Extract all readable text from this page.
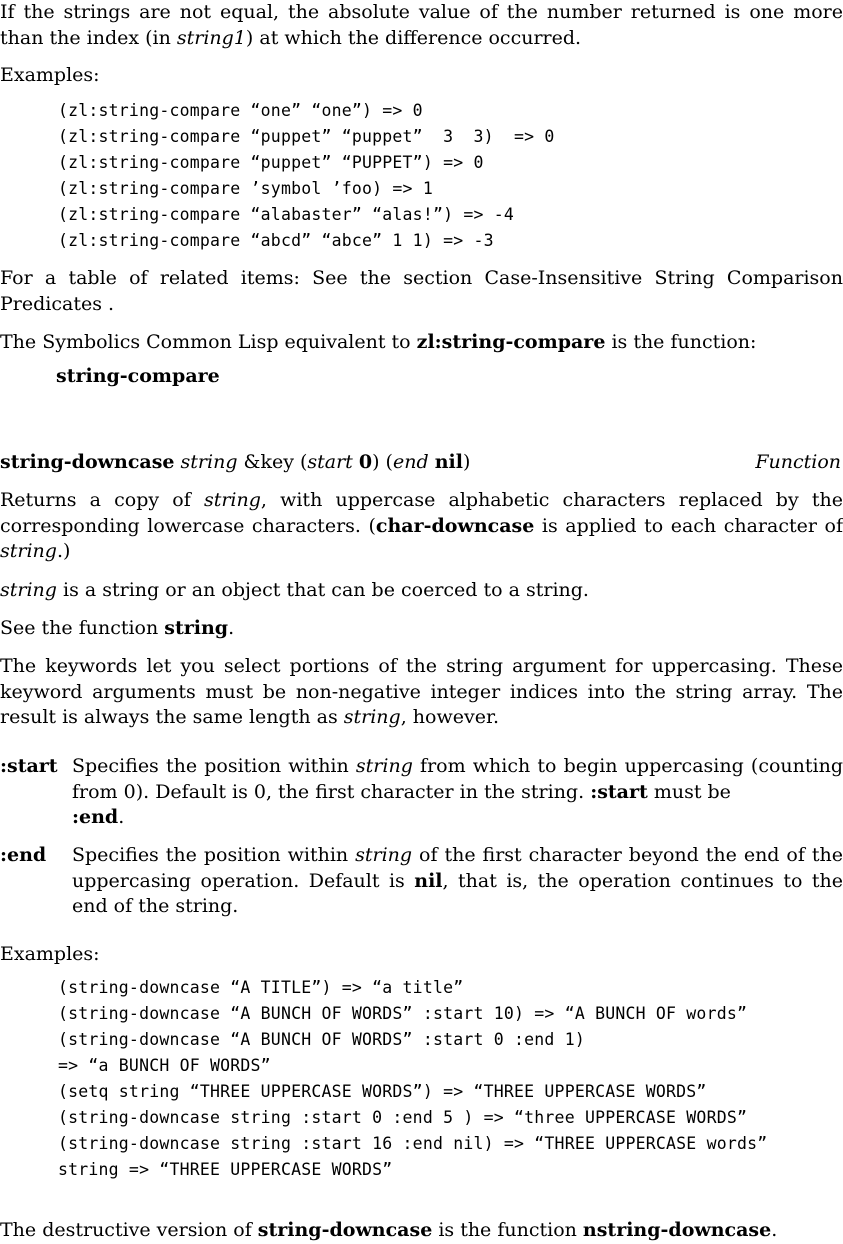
If the strings are not equal, the absolute value of the number returned is one more than the index (in string1) at which the difference occurred.

Examples:

(zl:string-compare “one” “one”) => 0
(zl:string-compare “puppet” “puppet”  3  3)  => 0
(zl:string-compare “puppet” “PUPPET”) => 0
(zl:string-compare ’symbol ’foo) => 1
(zl:string-compare “alabaster” “alas!”) => -4
(zl:string-compare “abcd” “abce” 1 1) => -3

For a table of related items: See the section Case-Insensitive String Comparison Predicates .

The Symbolics Common Lisp equivalent to zl:string-compare is the function:

string-compare

string-downcase string &key (start 0) (end nil)	Function

Returns a copy of string, with uppercase alphabetic characters replaced by the corresponding lowercase characters. (char-downcase is applied to each character of string.)

string is a string or an object that can be coerced to a string.

See the function string.

The keywords let you select portions of the string argument for uppercasing. These keyword arguments must be non-negative integer indices into the string array. The result is always the same length as string, however.

:start Specifies the position within string from which to begin uppercasing (counting from 0). Default is 0, the first character in the string. :start must be
:end.

:end Specifies the position within string of the first character beyond the end of the uppercasing operation. Default is nil, that is, the operation continues to the end of the string.

Examples:

(string-downcase “A TITLE”) => “a title”
(string-downcase “A BUNCH OF WORDS” :start 10) => “A BUNCH OF words”
(string-downcase “A BUNCH OF WORDS” :start 0 :end 1)
=> “a BUNCH OF WORDS”
(setq string “THREE UPPERCASE WORDS”) => “THREE UPPERCASE WORDS”
(string-downcase string :start 0 :end 5 ) => “three UPPERCASE WORDS”
(string-downcase string :start 16 :end nil) => “THREE UPPERCASE words”
string => “THREE UPPERCASE WORDS”

The destructive version of string-downcase is the function nstring-downcase.
